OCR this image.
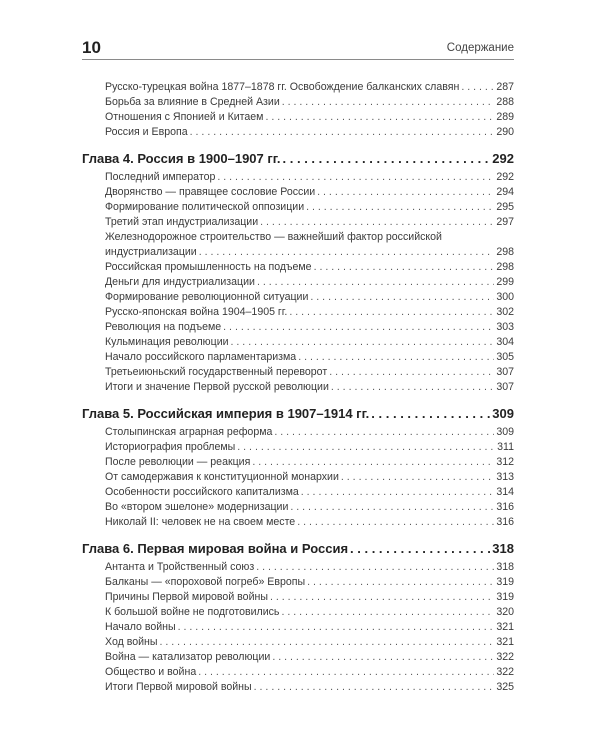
10	Содержание
Русско-турецкая война 1877–1878 гг. Освобождение балканских славян . . .	287
Борьба за влияние в Средней Азии . . .	288
Отношения с Японией и Китаем . . .	289
Россия и Европа . . .	290
Глава 4. Россия в 1900–1907 гг. . . .	292
Последний император . . .	292
Дворянство — правящее сословие России . . .	294
Формирование политической оппозиции . . .	295
Третий этап индустриализации . . .	297
Железнодорожное строительство — важнейший фактор российской
индустриализации . . .	298
Российская промышленность на подъеме . . .	298
Деньги для индустриализации . . .	299
Формирование революционной ситуации . . .	300
Русско-японская война 1904–1905 гг. . . .	302
Революция на подъеме . . .	303
Кульминация революции . . .	304
Начало российского парламентаризма . . .	305
Третьеиюньский государственный переворот . . .	307
Итоги и значение Первой русской революции . . .	307
Глава 5. Российская империя в 1907–1914 гг. . . .	309
Столыпинская аграрная реформа . . .	309
Историография проблемы . . .	311
После революции — реакция . . .	312
От самодержавия к конституционной монархии . . .	313
Особенности российского капитализма . . .	314
Во «втором эшелоне» модернизации . . .	316
Николай II: человек не на своем месте . . .	316
Глава 6. Первая мировая война и Россия . . .	318
Антанта и Тройственный союз . . .	318
Балканы — «пороховой погреб» Европы . . .	319
Причины Первой мировой войны . . .	319
К большой войне не подготовились . . .	320
Начало войны . . .	321
Ход войны . . .	321
Война — катализатор революции . . .	322
Общество и война . . .	322
Итоги Первой мировой войны . . .	325
